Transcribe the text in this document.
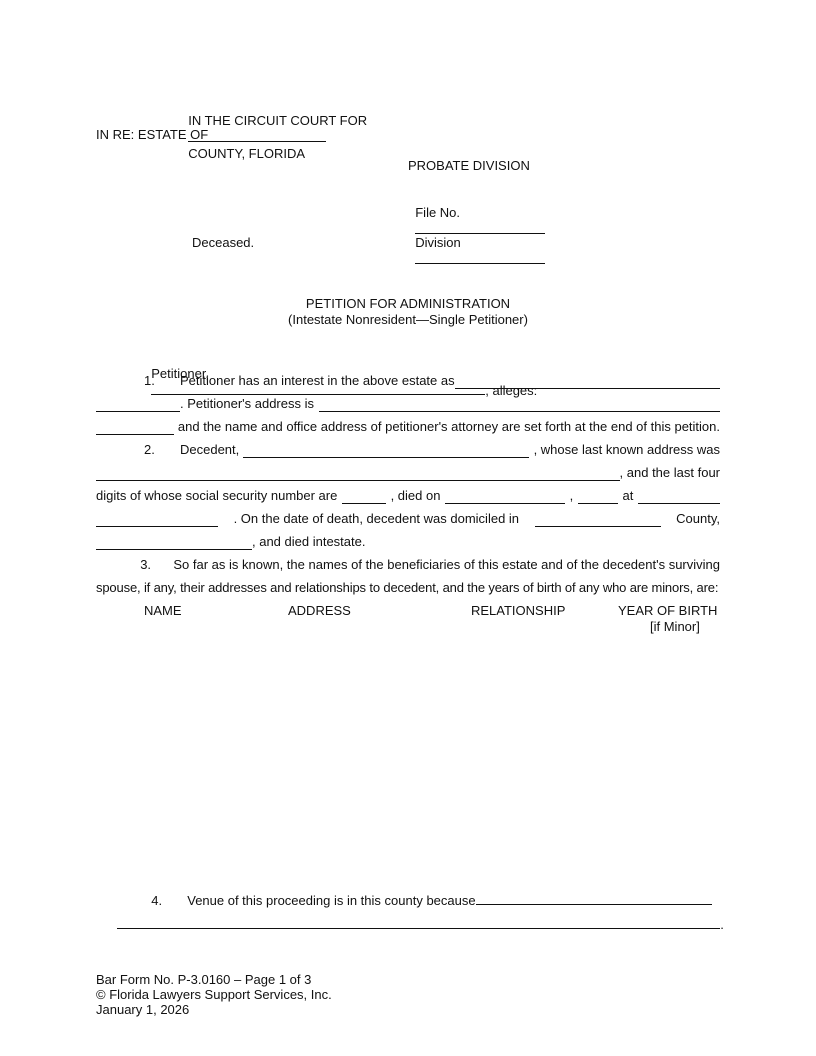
IN THE CIRCUIT COURT FOR

COUNTY, FLORIDA

IN RE: ESTATE OF
PROBATE DIVISION

File No.

Division

Deceased.
PETITION FOR ADMINISTRATION
(Intestate Nonresident—Single Petitioner)

Petitioner,
, alleges:

1.	Petitioner has an interest in the above estate as
. Petitioner's address is
and the name and office address of petitioner's attorney are set forth at the end of this petition.
2.	Decedent,	, whose last known address was
, and the last four
digits of whose social security number are	, died on	,	at
. On the date of death, decedent was domiciled in	County,
, and died intestate.
3.	So far as is known, the names of the beneficiaries of this estate and of the decedent's surviving
spouse, if any, their addresses and relationships to decedent, and the years of birth of any who are minors, are:
NAME	ADDRESS	RELATIONSHIP	YEAR OF BIRTH
[if Minor]

4. Venue of this proceeding is in this county because

.

Bar Form No. P-3.0160 – Page 1 of 3
© Florida Lawyers Support Services, Inc.
January 1, 2026
